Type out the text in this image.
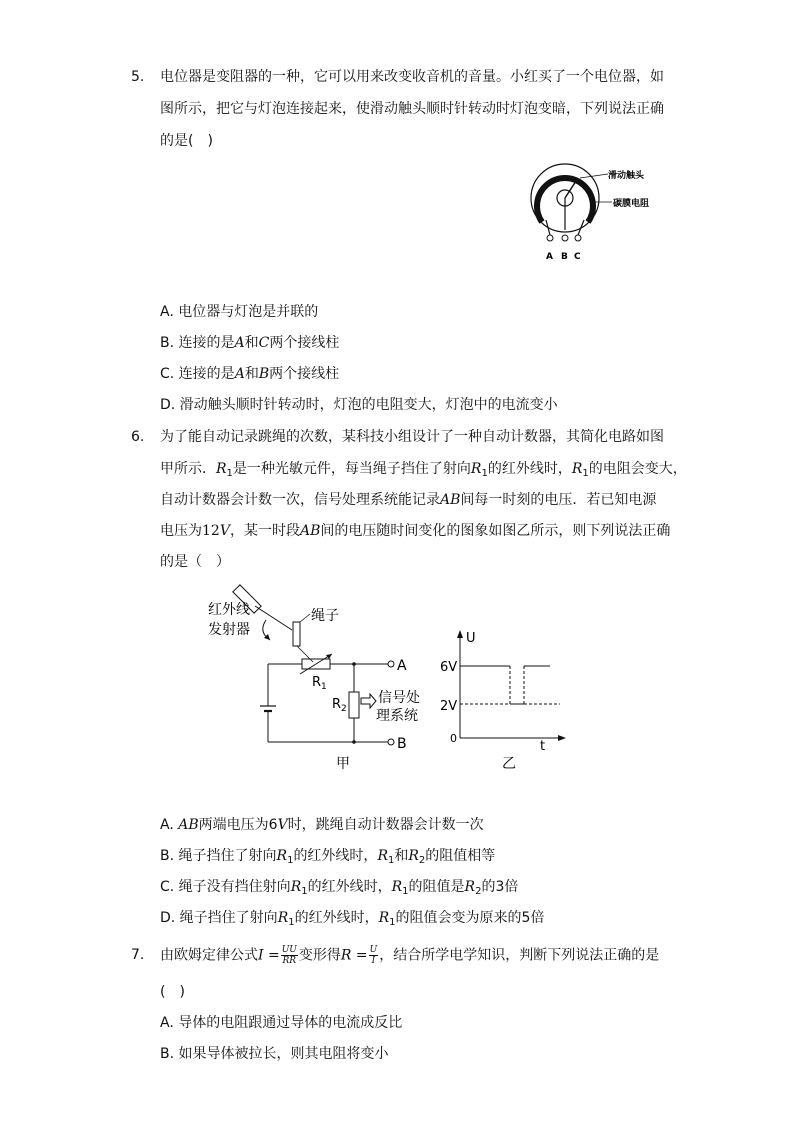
5. 电位器是变阻器的一种，它可以用来改变收音机的音量。小红买了一个电位器，如
图所示，把它与灯泡连接起来，使滑动触头顺时针转动时灯泡变暗，下列说法正确
的是(　)
滑动触头
碳膜电阻
A B C
A. 电位器与灯泡是并联的
B. 连接的是A和C两个接线柱
C. 连接的是A和B两个接线柱
D. 滑动触头顺时针转动时，灯泡的电阻变大，灯泡中的电流变小
6. 为了能自动记录跳绳的次数，某科技小组设计了一种自动计数器，其简化电路如图
甲所示．$R_1$是一种光敏元件，每当绳子挡住了射向$R_1$的红外线时，$R_1$的电阻会变大，
自动计数器会计数一次，信号处理系统能记录AB间每一时刻的电压．若已知电源
电压为12V，某一时段AB间的电压随时间变化的图象如图乙所示，则下列说法正确
的是（　）
红外线
发射器
绳子
A
$R_1$
$R_2$
信号处
理系统
B
甲
U
t
0
6V
2V
乙
A. AB两端电压为6V时，跳绳自动计数器会计数一次
B. 绳子挡住了射向$R_1$的红外线时，$R_1$和$R_2$的阻值相等
C. 绳子没有挡住射向$R_1$的红外线时，$R_1$的阻值是$R_2$的3倍
D. 绳子挡住了射向$R_1$的红外线时，$R_1$的阻值会变为原来的5倍
7. 由欧姆定律公式$I = \frac{UU}{RR}$ 变形得$R = \frac{U}{I}$ ，结合所学电学知识，判断下列说法正确的是
(　)
A. 导体的电阻跟通过导体的电流成反比
B. 如果导体被拉长，则其电阻将变小
